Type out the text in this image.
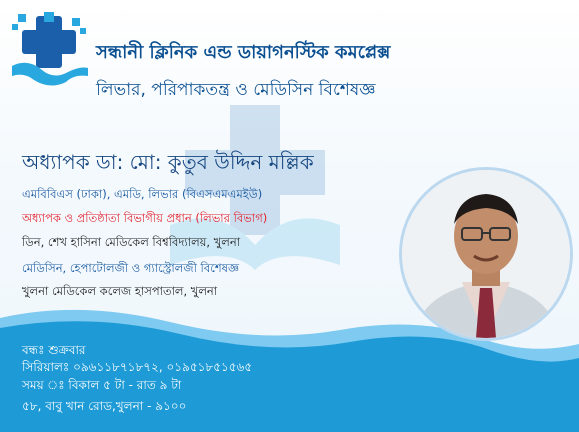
সন্ধানী ক্লিনিক এন্ড ডায়াগনস্টিক কমপ্লেক্স
লিভার, পরিপাকতন্ত্র ও মেডিসিন বিশেষজ্ঞ
অধ্যাপক ডা: মো: কুতুব উদ্দিন মল্লিক
এমবিবিএস (ঢাকা), এমডি, লিভার (বিএসএমএমইউ)
অধ্যাপক ও প্রতিষ্ঠাতা বিভাগীয় প্রধান (লিভার বিভাগ)
ডিন, শেখ হাসিনা মেডিকেল বিশ্ববিদ্যালয়, খুলনা
মেডিসিন, হেপাটোলজী ও গ্যাস্ট্রোলজী বিশেষজ্ঞ
খুলনা মেডিকেল কলেজ হাসপাতাল, খুলনা
বন্ধঃ শুক্রবার
সিরিয়ালঃ ০৯৬১১৮৭১৮৭২, ০১৯৫১৮৫১৫৬৫
সময় ঃ বিকাল ৫ টা - রাত ৯ টা
৫৮, বাবু খান রোড,খুলনা - ৯১০০
